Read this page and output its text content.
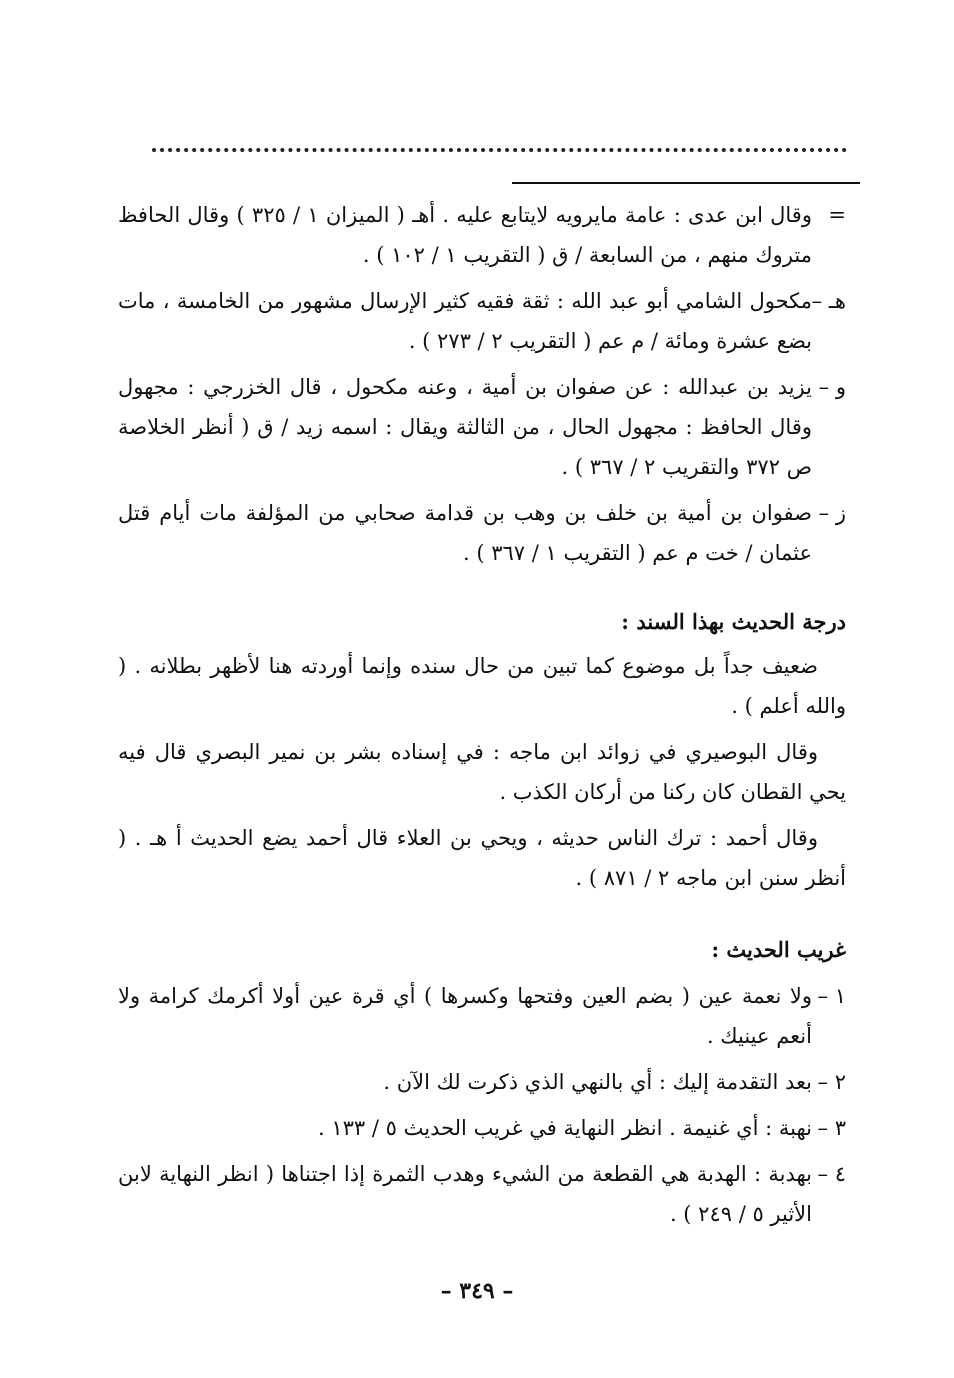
=
وقال ابن عدى : عامة مايرويه لايتابع عليه . أهـ ( الميزان ١ / ٣٢٥ ) وقال الحافظ متروك منهم ، من السابعة / ق ( التقريب ١ / ١٠٢ ) .
هـ –
مكحول الشامي أبو عبد الله : ثقة فقيه كثير الإرسال مشهور من الخامسة ، مات بضع عشرة ومائة / م عم ( التقريب ٢ / ٢٧٣ ) .
و –
يزيد بن عبدالله : عن صفوان بن أمية ، وعنه مكحول ، قال الخزرجي : مجهول وقال الحافظ : مجهول الحال ، من الثالثة ويقال : اسمه زيد / ق ( أنظر الخلاصة ص ٣٧٢ والتقريب ٢ / ٣٦٧ ) .
ز –
صفوان بن أمية بن خلف بن وهب بن قدامة صحابي من المؤلفة مات أيام قتل عثمان / خت م عم ( التقريب ١ / ٣٦٧ ) .
درجة الحديث بهذا السند :
ضعيف جداً بل موضوع كما تبين من حال سنده وإنما أوردته هنا لأظهر بطلانه . ( والله أعلم ) .
وقال البوصيري في زوائد ابن ماجه : في إسناده بشر بن نمير البصري قال فيه يحي القطان كان ركنا من أركان الكذب .
وقال أحمد : ترك الناس حديثه ، ويحي بن العلاء قال أحمد يضع الحديث أ هـ . ( أنظر سنن ابن ماجه ٢ / ٨٧١ ) .
غريب الحديث :
١ –
ولا نعمة عين ( بضم العين وفتحها وكسرها ) أي قرة عين أولا أكرمك كرامة ولا أنعم عينيك .
٢ –
بعد التقدمة إليك : أي بالنهي الذي ذكرت لك الآن .
٣ –
نهبة : أي غنيمة . انظر النهاية في غريب الحديث ٥ / ١٣٣ .
٤ –
بهدبة : الهدبة هي القطعة من الشيء وهدب الثمرة إذا اجتناها ( انظر النهاية لابن الأثير ٥ / ٢٤٩ ) .
– ٣٤٩ –
